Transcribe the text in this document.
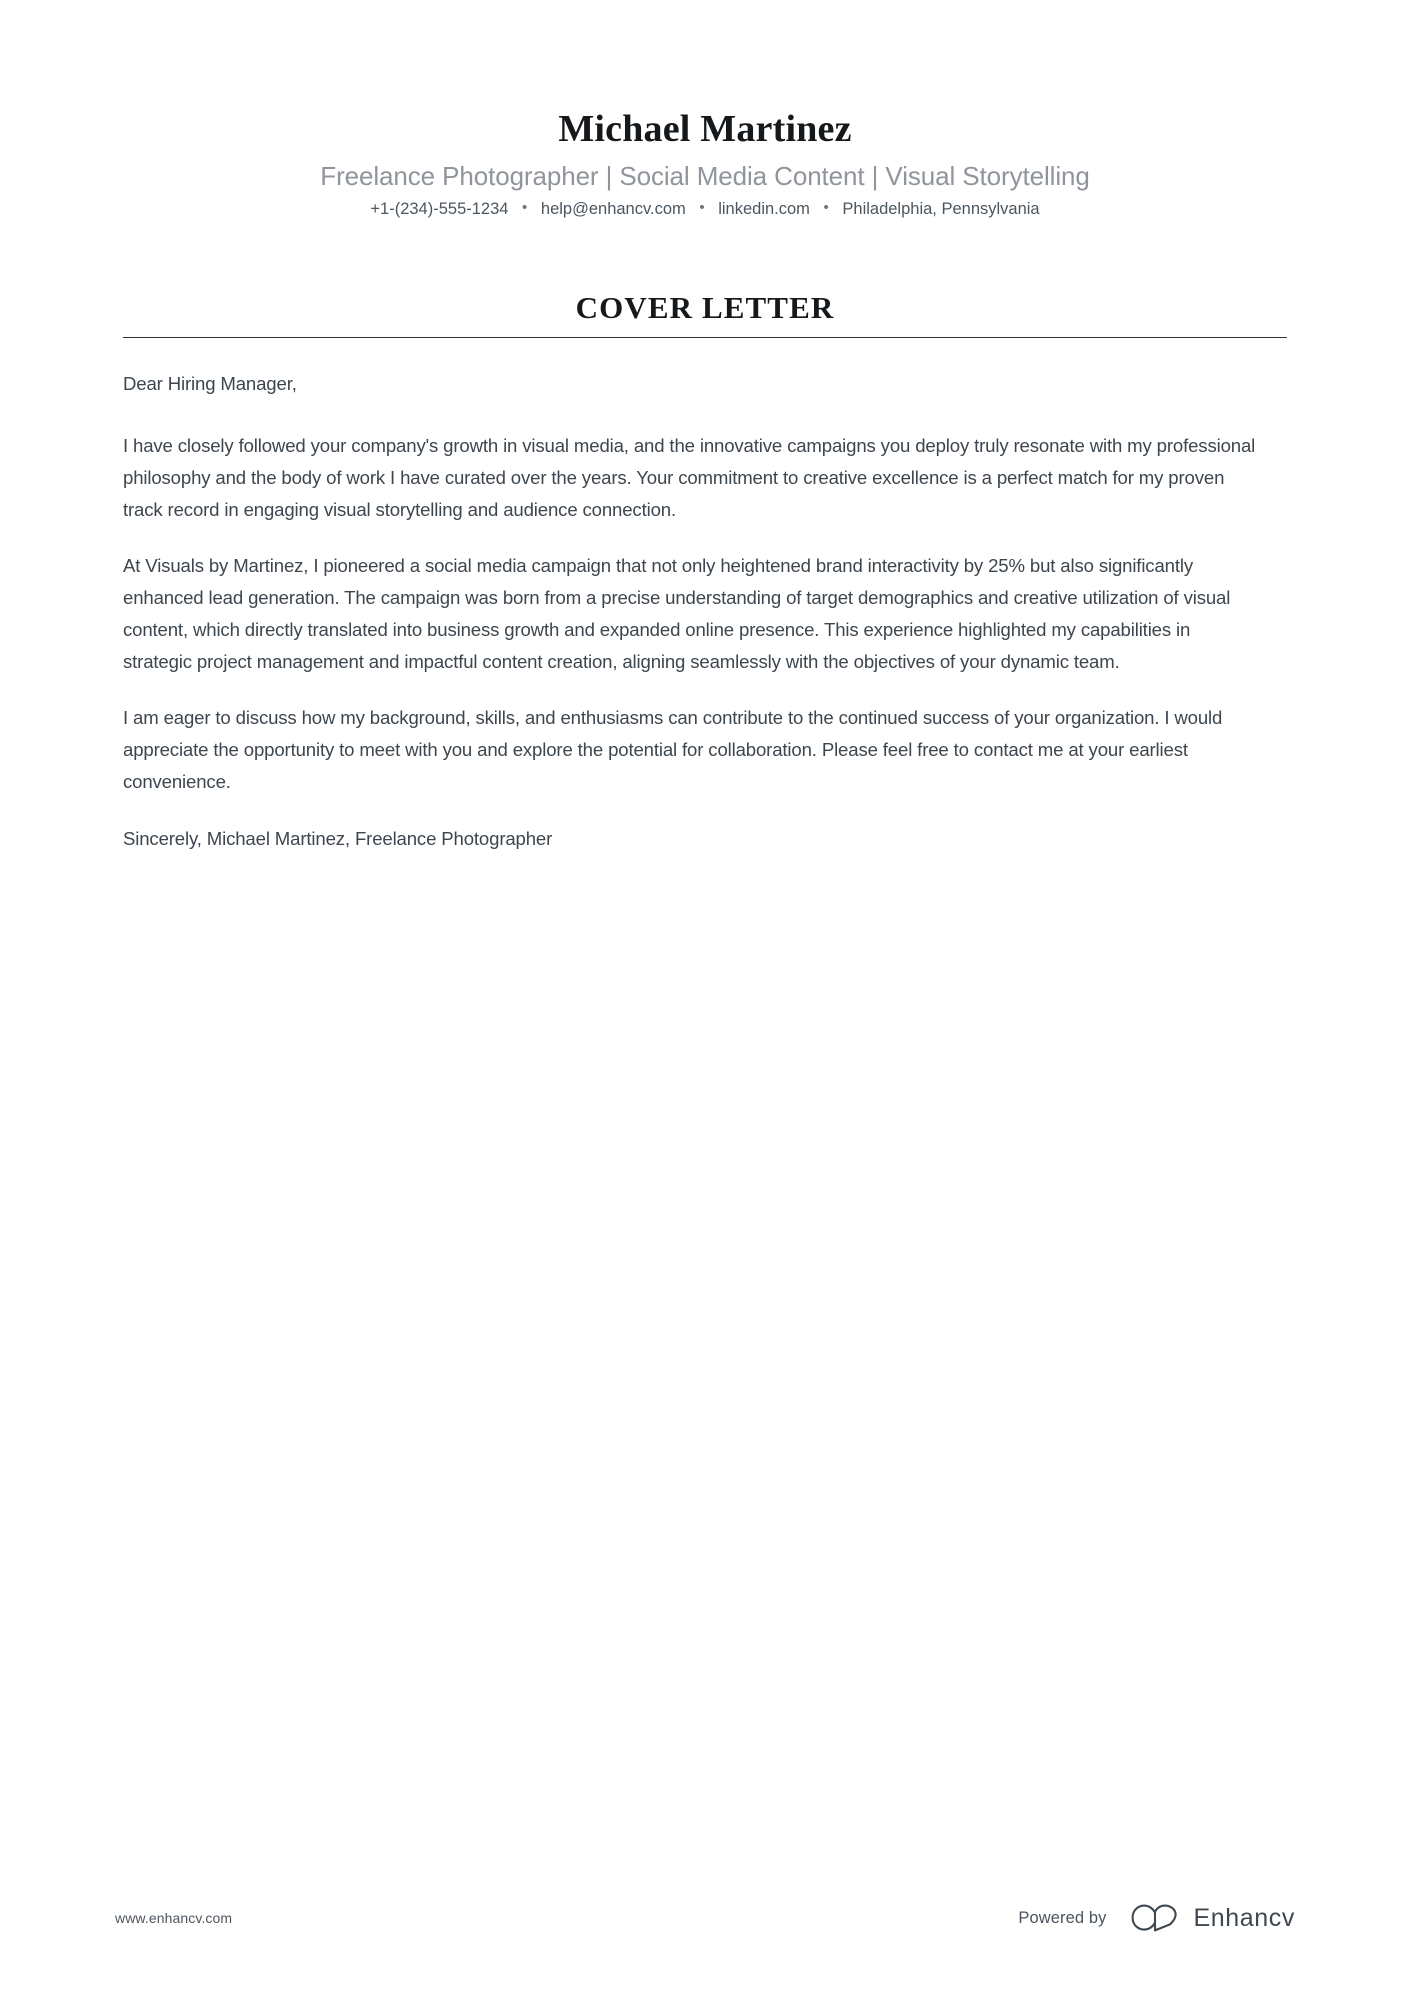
Michael Martinez
Freelance Photographer | Social Media Content | Visual Storytelling
+1-(234)-555-1234 • help@enhancv.com • linkedin.com • Philadelphia, Pennsylvania
COVER LETTER

Dear Hiring Manager,

I have closely followed your company's growth in visual media, and the innovative campaigns you deploy truly resonate with my professional philosophy and the body of work I have curated over the years. Your commitment to creative excellence is a perfect match for my proven track record in engaging visual storytelling and audience connection.

At Visuals by Martinez, I pioneered a social media campaign that not only heightened brand interactivity by 25% but also significantly enhanced lead generation. The campaign was born from a precise understanding of target demographics and creative utilization of visual content, which directly translated into business growth and expanded online presence. This experience highlighted my capabilities in strategic project management and impactful content creation, aligning seamlessly with the objectives of your dynamic team.

I am eager to discuss how my background, skills, and enthusiasms can contribute to the continued success of your organization. I would appreciate the opportunity to meet with you and explore the potential for collaboration. Please feel free to contact me at your earliest convenience.

Sincerely, Michael Martinez, Freelance Photographer

www.enhancv.com	Powered by	Enhancv
